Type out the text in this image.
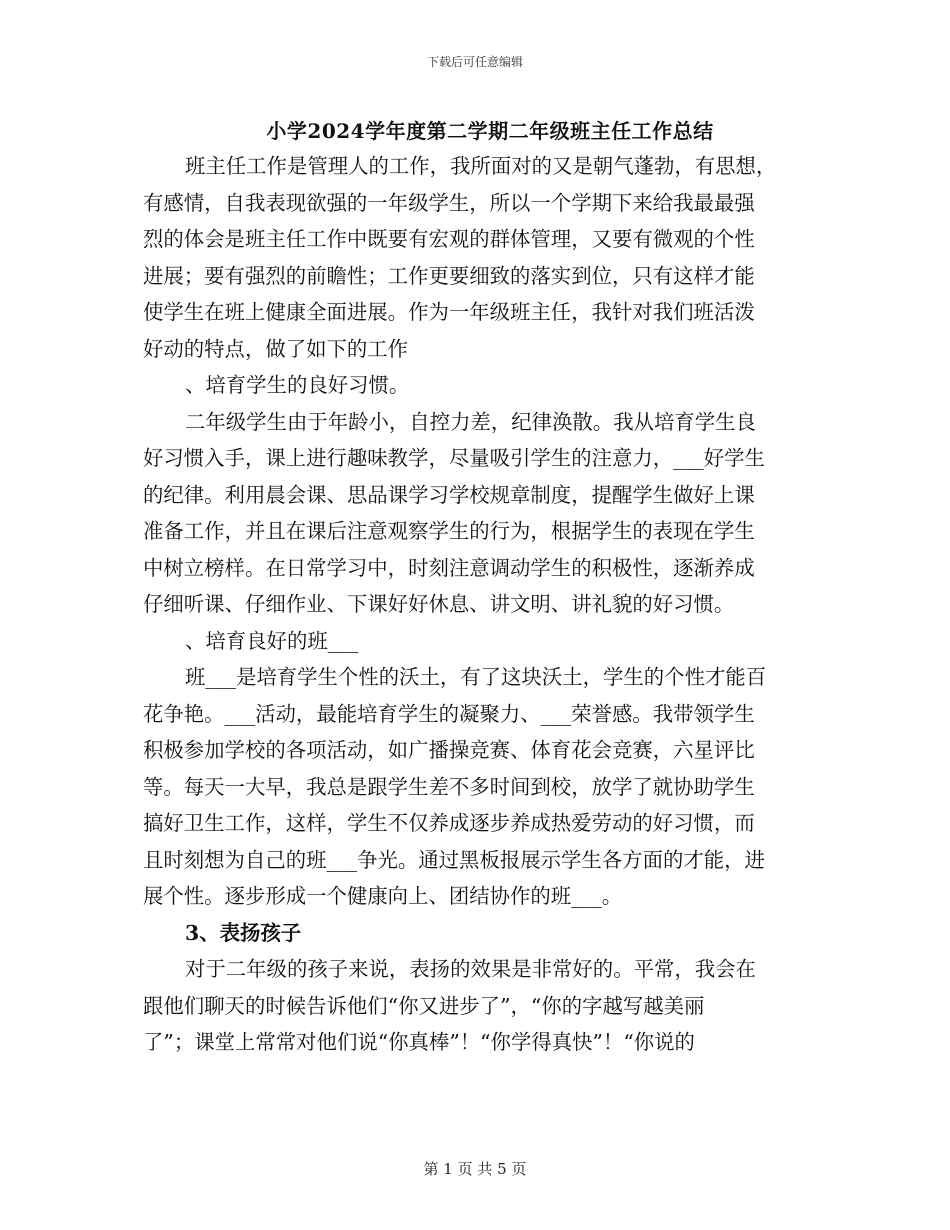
下载后可任意编辑
小学2024学年度第二学期二年级班主任工作总结
班主任工作是管理人的工作，我所面对的又是朝气蓬勃，有思想，
有感情，自我表现欲强的一年级学生，所以一个学期下来给我最最强
烈的体会是班主任工作中既要有宏观的群体管理，又要有微观的个性
进展；要有强烈的前瞻性；工作更要细致的落实到位，只有这样才能
使学生在班上健康全面进展。作为一年级班主任，我针对我们班活泼
好动的特点，做了如下的工作
、培育学生的良好习惯。
二年级学生由于年龄小，自控力差，纪律涣散。我从培育学生良
好习惯入手，课上进行趣味教学，尽量吸引学生的注意力，___好学生
的纪律。利用晨会课、思品课学习学校规章制度，提醒学生做好上课
准备工作，并且在课后注意观察学生的行为，根据学生的表现在学生
中树立榜样。在日常学习中，时刻注意调动学生的积极性，逐渐养成
仔细听课、仔细作业、下课好好休息、讲文明、讲礼貌的好习惯。
、培育良好的班___
班___是培育学生个性的沃土，有了这块沃土，学生的个性才能百
花争艳。___活动，最能培育学生的凝聚力、___荣誉感。我带领学生
积极参加学校的各项活动，如广播操竞赛、体育花会竞赛，六星评比
等。每天一大早，我总是跟学生差不多时间到校，放学了就协助学生
搞好卫生工作，这样，学生不仅养成逐步养成热爱劳动的好习惯，而
且时刻想为自己的班___争光。通过黑板报展示学生各方面的才能，进
展个性。逐步形成一个健康向上、团结协作的班___。
3、表扬孩子
对于二年级的孩子来说，表扬的效果是非常好的。平常，我会在
跟他们聊天的时候告诉他们“你又进步了”，“你的字越写越美丽
了”；课堂上常常对他们说“你真棒”！“你学得真快”！“你说的
第 1 页 共 5 页
